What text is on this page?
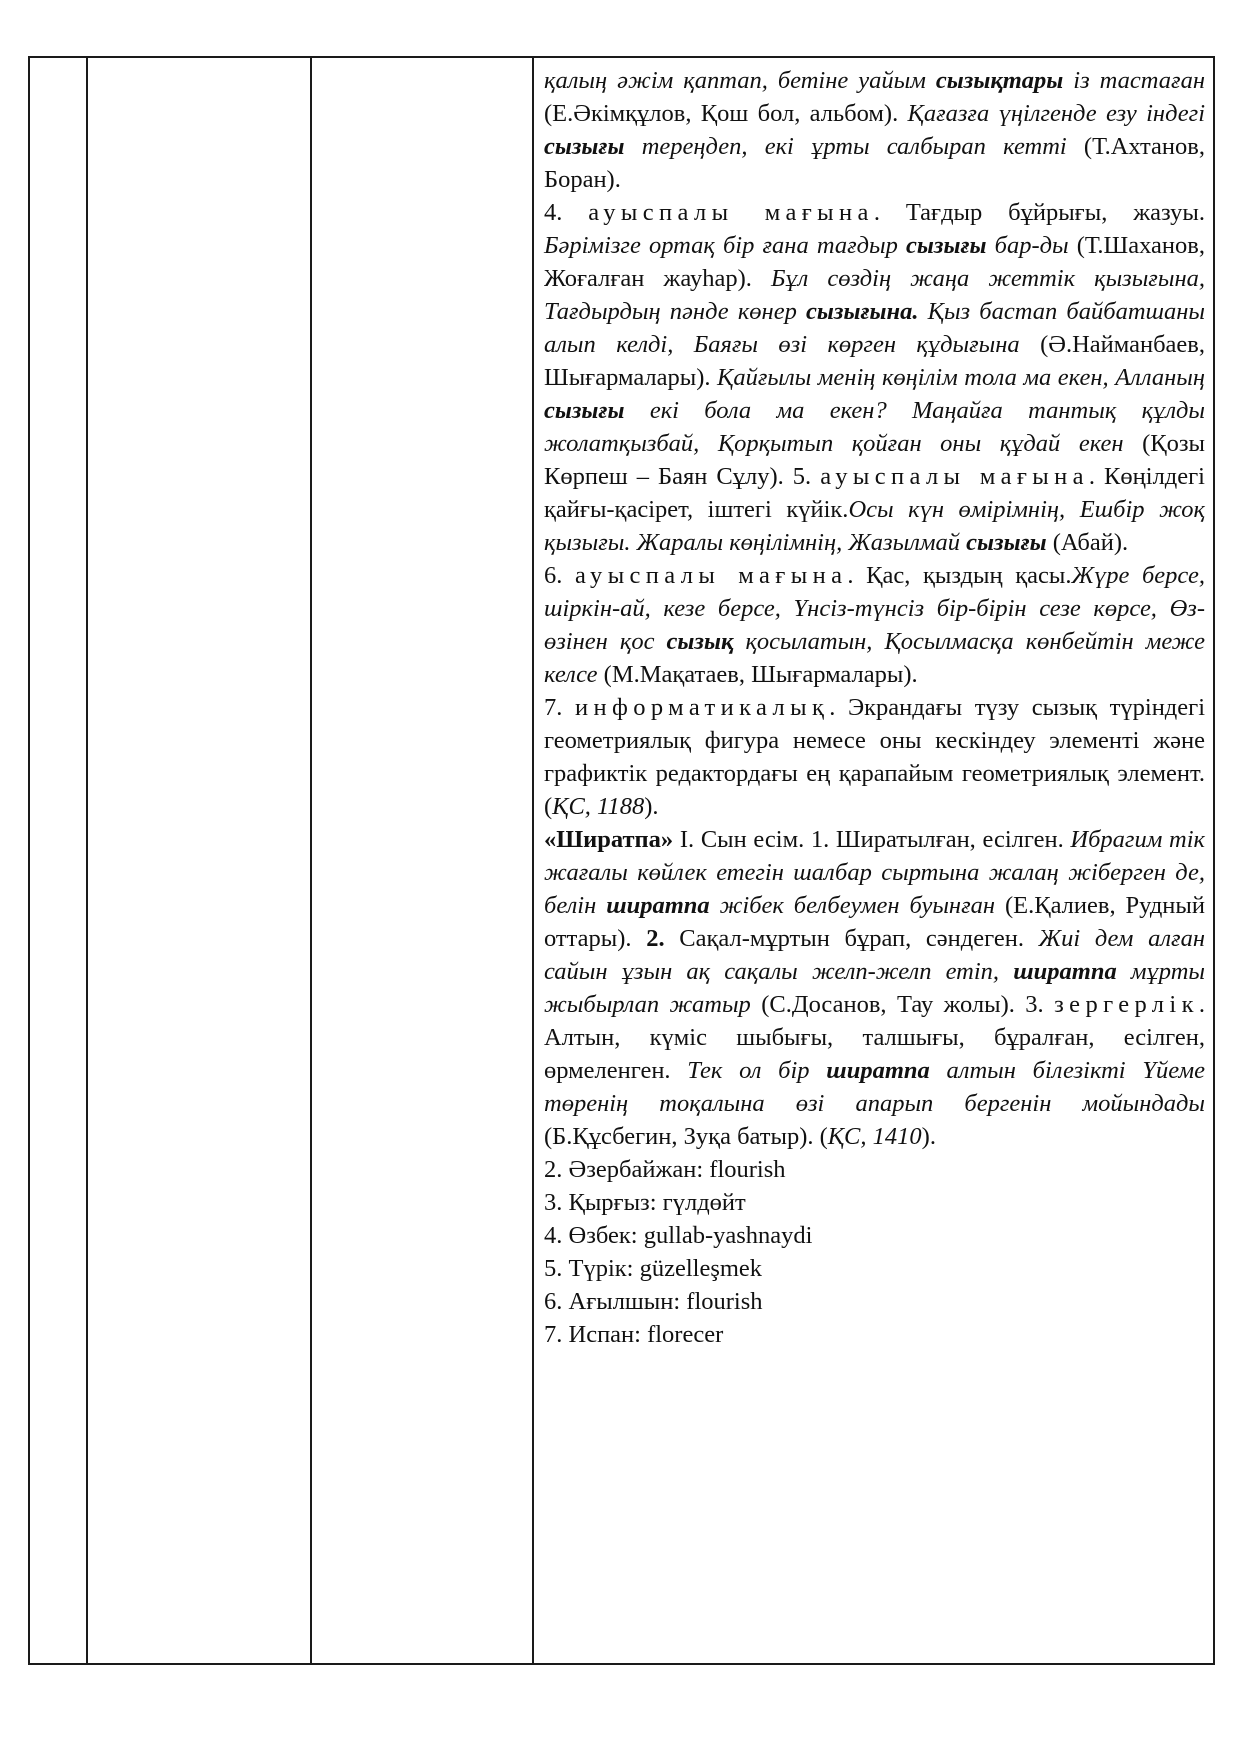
қалың әжім қаптап, бетіне уайым сызықтары із тастаған (Е.Әкімқұлов, Қош бол, альбом). Қағазға үңілгенде езу індегі сызығы тереңдеп, екі ұрты салбырап кетті (Т.Ахтанов, Боран).

4. ауыспалы мағына. Тағдыр бұйрығы, жазуы. Бәрімізге ортақ бір ғана тағдыр сызығы бар-ды (Т.Шаханов, Жоғалған жауһар). Бұл сөздің жаңа жеттік қызығына, Тағдырдың пәнде көнер сызығына. Қыз бастап байбатшаны алып келді, Баяғы өзі көрген құдығына (Ә.Найманбаев, Шығармалары). Қайғылы менің көңілім тола ма екен, Алланың сызығы екі бола ма екен? Маңайға тантық құлды жолатқызбай, Қорқытып қойған оны құдай екен (Қозы Көрпеш – Баян Сұлу). 5. ауыспалы мағына. Көңілдегі қайғы-қасірет, іштегі күйік.Осы күн өмірімнің, Ешбір жоқ қызығы. Жаралы көңілімнің, Жазылмай сызығы (Абай).

6. ауыспалы мағына. Қас, қыздың қасы.Жүре берсе, шіркін-ай, кезе берсе, Үнсіз-түнсіз бір-бірін сезе көрсе, Өз-өзінен қос сызық қосылатын, Қосылмасқа көнбейтін меже келсе (М.Мақатаев, Шығармалары).

7. информатикалық. Экрандағы түзу сызық түріндегі геометриялық фигура немесе оны кескіндеу элементі және графиктік редактордағы ең қарапайым геометриялық элемент. (ҚС, 1188).

«Ширатпа» І. Сын есім. 1. Ширатылған, есілген. Ибрагим тік жағалы көйлек етегін шалбар сыртына жалаң жіберген де, белін ширатпа жібек белбеумен буынған (Е.Қалиев, Рудный оттары). 2. Сақал-мұртын бұрап, сәндеген. Жиі дем алған сайын ұзын ақ сақалы желп-желп етіп, ширатпа мұрты жыбырлап жатыр (С.Досанов, Тау жолы). 3. зергерлік. Алтын, күміс шыбығы, талшығы, бұралған, есілген, өрмеленген. Тек ол бір ширатпа алтын білезікті Үйеме төренің тоқалына өзі апарып бергенін мойындады (Б.Құсбегин, Зуқа батыр). (ҚС, 1410).

2. Әзербайжан: flourish
3. Қырғыз: гүлдөйт
4. Өзбек: gullab-yashnaydi
5. Түрік: güzelleşmek
6. Ағылшын: flourish
7. Испан: florecer
